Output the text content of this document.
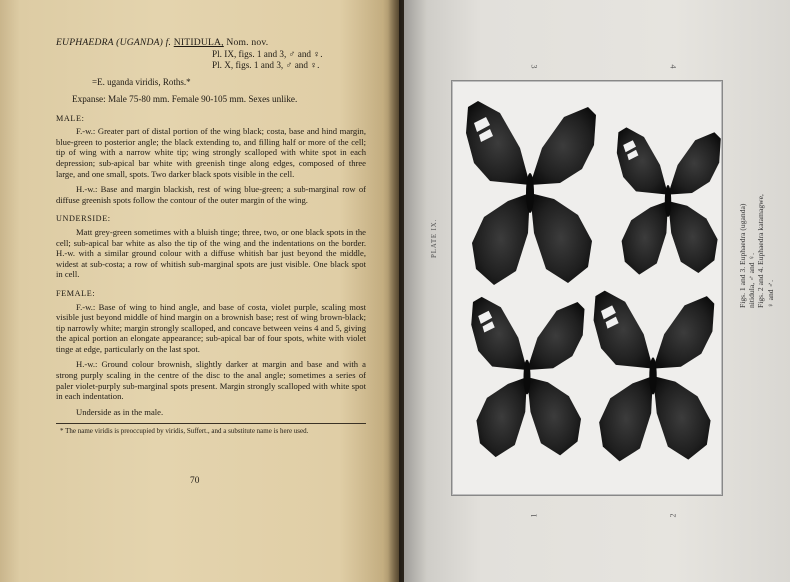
EUPHAEDRA (UGANDA) f. NITIDULA, Nom. nov.
Pl. IX, figs. 1 and 3, ♂ and ♀.
Pl. X, figs. 1 and 3, ♂ and ♀.
=E. uganda viridis, Roths.*
Expanse: Male 75-80 mm. Female 90-105 mm. Sexes unlike.
MALE:

F.-w.: Greater part of distal portion of the wing black; costa, base and hind margin, blue-green to posterior angle; the black extending to, and filling half or more of the cell; tip of wing with a narrow white tip; wing strongly scalloped with white spot in each depression; sub-apical bar white with greenish tinge along edges, composed of three large, and one small, spots. Two darker black spots visible in the cell.

H.-w.: Base and margin blackish, rest of wing blue-green; a sub-marginal row of diffuse greenish spots follow the contour of the outer margin of the wing.

UNDERSIDE:

Matt grey-green sometimes with a bluish tinge; three, two, or one black spots in the cell; sub-apical bar white as also the tip of the wing and the indentations on the border. H.-w. with a similar ground colour with a diffuse whitish bar just beyond the middle, widest at sub-costa; a row of whitish sub-marginal spots are just visible. One black spot in cell.

FEMALE:

F.-w.: Base of wing to hind angle, and base of costa, violet purple, scaling most visible just beyond middle of hind margin on a brownish base; rest of wing brown-black; tip narrowly white; margin strongly scalloped, and concave between veins 4 and 5, giving the apical portion an elongate appearance; sub-apical bar of four spots, white with violet tinge at edge, particularly on the last spot.

H.-w.: Ground colour brownish, slightly darker at margin and base and with a strong purply scaling in the centre of the disc to the anal angle; sometimes a series of paler violet-purply sub-marginal spots present. Margin strongly scalloped with white spot in each indentation.

Underside as in the male.

* The name viridis is preoccupied by viridis, Suffert., and a substitute name is here used.
70
3	4
PLATE IX.	Figs. 1 and 3. Euphaedra (uganda) nitidula, ♂ and ♀. Figs. 2 and 4. Euphaedra katamagwe, ♀ and ♂.
1	2
